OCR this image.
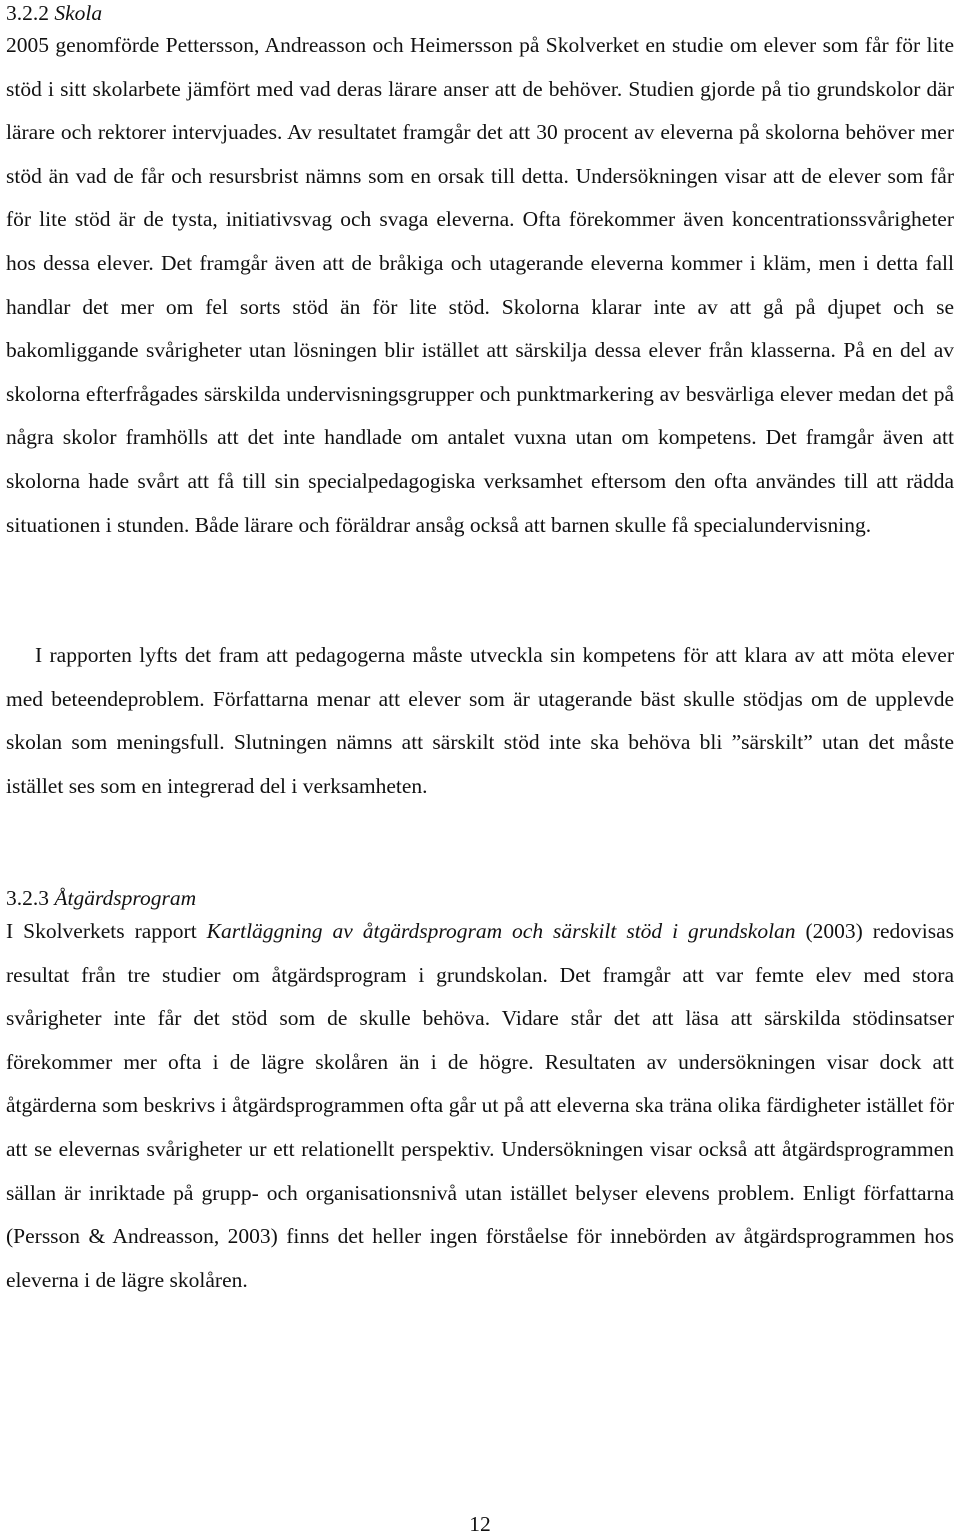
3.2.2 Skola

2005 genomförde Pettersson, Andreasson och Heimersson på Skolverket en studie om elever som får för lite stöd i sitt skolarbete jämfört med vad deras lärare anser att de behöver. Studien gjorde på tio grundskolor där lärare och rektorer intervjuades. Av resultatet framgår det att 30 procent av eleverna på skolorna behöver mer stöd än vad de får och resursbrist nämns som en orsak till detta. Undersökningen visar att de elever som får för lite stöd är de tysta, initiativsvag och svaga eleverna. Ofta förekommer även koncentrationssvårigheter hos dessa elever. Det framgår även att de bråkiga och utagerande eleverna kommer i kläm, men i detta fall handlar det mer om fel sorts stöd än för lite stöd. Skolorna klarar inte av att gå på djupet och se bakomliggande svårigheter utan lösningen blir istället att särskilja dessa elever från klasserna. På en del av skolorna efterfrågades särskilda undervisningsgrupper och punktmarkering av besvärliga elever medan det på några skolor framhölls att det inte handlade om antalet vuxna utan om kompetens. Det framgår även att skolorna hade svårt att få till sin specialpedagogiska verksamhet eftersom den ofta användes till att rädda situationen i stunden. Både lärare och föräldrar ansåg också att barnen skulle få specialundervisning.

I rapporten lyfts det fram att pedagogerna måste utveckla sin kompetens för att klara av att möta elever med beteendeproblem. Författarna menar att elever som är utagerande bäst skulle stödjas om de upplevde skolan som meningsfull. Slutningen nämns att särskilt stöd inte ska behöva bli ”särskilt” utan det måste istället ses som en integrerad del i verksamheten.

3.2.3 Åtgärdsprogram

I Skolverkets rapport Kartläggning av åtgärdsprogram och särskilt stöd i grundskolan (2003) redovisas resultat från tre studier om åtgärdsprogram i grundskolan. Det framgår att var femte elev med stora svårigheter inte får det stöd som de skulle behöva. Vidare står det att läsa att särskilda stödinsatser förekommer mer ofta i de lägre skolåren än i de högre. Resultaten av undersökningen visar dock att åtgärderna som beskrivs i åtgärdsprogrammen ofta går ut på att eleverna ska träna olika färdigheter istället för att se elevernas svårigheter ur ett relationellt perspektiv. Undersökningen visar också att åtgärdsprogrammen sällan är inriktade på grupp- och organisationsnivå utan istället belyser elevens problem. Enligt författarna (Persson & Andreasson, 2003) finns det heller ingen förståelse för innebörden av åtgärdsprogrammen hos eleverna i de lägre skolåren.

12
